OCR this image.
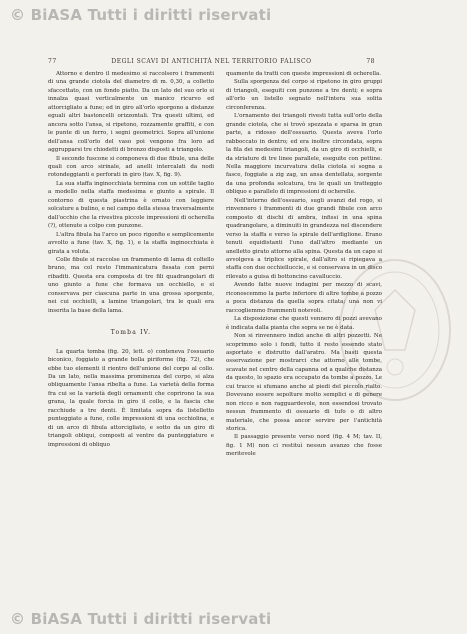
© BiASA Tutti i diritti riservati
77	DEGLI SCAVI DI ANTICHITÀ NEL TERRITORIO FALISCO	78

Attorno e dentro il medesimo si raccolsero i frammenti di una grande ciotola del diametro di m. 0,30, a colletto sfaccettato, con un fondo piatto. Da un lato del suo orlo si innalza quasi verticalmente un manico ricurvo ed attorcigliato a fune; ed in giro all'orlo sporgono a distanze eguali altri bastoncelli orizzontali. Tra questi ultimi, ed ancora sotto l'ansa, si ripetono, rozzamente graffiti, e con le punte di un ferro, i segni geometrici. Sopra all'unione dell'ansa coll'orlo del vaso poi vengono fra loro ad aggrupparsi tre chiodetti di bronzo disposti a triangolo.

Il secondo fuscone si componeva di due fibule, una delle quali con arco sirinale, ad anelli intercalati da nodi rotondeggianti e perforati in giro (tav. X, fig. 9).

La sua staffa inginocchiata termina con un sottile taglio a modello nella staffa medesima e giunto a spirale. Il contorno di questa piastrina è ornato con leggiere solcature a bulino, e nel campo della stessa traversalmente dall'occhio che la rivestiva piccole impressioni di ocherella (?), ottenute a colpo con punzone.

L'altra fibula ha l'arco un poco rigonfio e semplicemente avvolto a fune (tav. X, fig. 1), e la staffa inginocchiata è girata a voluta.

Colle fibule si raccolse un frammento di lama di coltello bruno, ma col resto l'immanicatura fissata con perni ribaditi. Questa era composta di tre fili quadrangolari di uno giunto a fune che formava un occhiello, e si conservava per ciascuna parte in una grossa sporgente, nei cui occhielli, a lamine triangolari, tra le quali era inserita la base della lama.

Tomba IV.

La quarta tomba (fig. 20, lett. o) conteneva l'ossuario biconico, foggiato a grande bolla piriforme (fig. 72), che ebbe tuo elementi il rientro dell'unione del corpo al collo. Da un lato, nella massima prominenza del corpo, si alza obliquamente l'ansa ribelta a fune. La varietà della forma fra cui se la varietà degli ornamenti che coprirono la sua grana, la quale forcia in giro il collo, e la fascia che racchiude a tre denti. È limitata sopra da listelletto punteggiato a fune, colle impressioni di una occhiolina, e di un arco di fibula attorcigliato, e sotto da un giro di triangoli obliqui, composti al ventre da punteggiature e impressioni di obliquo

quamente da tratti con queste impressioni di ocherella.

Sulla sporgenza del corpo si ripetono in giro gruppi di triangoli, eseguiti con punzone a tre denti; e sopra all'orlo un listello segnato nell'intera sua solita circonferenza.

L'ornamento dei triangoli rivesti tutta sull'orlo della grande ciotola, che si trovò spezzata e sparsa in gran parte, a ridosso dell'ossuario. Questa aveva l'orlo rabboccato in dentro; ed era inoltre circondata, sopra la fila dei medesimi triangoli, da un giro di occhielli, e da striature di tre linee parallele, eseguite con pettine. Nella maggiore incurvatura della ciotola si sogna a fasce, foggiate a zig zag, un ansa dentellata, sorgente da una profonda solcatura, tra le quali un tratteggio obliquo e parallelo di impressioni di ocherelle.

Nell'interno dell'ossuario, sugli avanzi del rogo, si rinvennero i frammenti di due grandi fibule con arco composto di dischi di ambra, infissi in una spina quadrangolare, a diminuiti in grandezza nel discendere verso la staffa e verso la spirale dell'ardiglione. Erano tenuti equidistanti l'uno dall'altro mediante un anelletto girato attorno alla spina. Questa da un capo si avvolgeva a triplice spirale, dall'altro si ripiegava a staffa con due occhielluccie, e si conservava in un disco rilevato a guisa di bottoncino cavalluccio.

Avendo fatte nuove indagini per mezzo di scavi, riconoscemmo la parte inferiore di altre tombe a pozzo a poca distanza da quella sopra citata; una non vi raccogliemmo frammenti notevoli.

La disposizione che questi vennero di pozzi avevano è indicata dalla pianta che sopra se ne è data.

Non si rinvennero indizi anche di altri pozzetti. Ne scoprimmo solo i fondi, tutto il resto essendo stato asportato e distrutto dall'aratro. Ma basti questa osservazione per mostrarci che attorno alle tombe, scavate nel centro della capanna od a qualche distanza da questo, lo spazio era occupato da tombe a pozzo. Le cui tracce si sfumano anche al piedi del piccolo rialto. Dovevano essere sepolture molto semplici e di genere non ricco e non ragguardevole, non essendosi trovato nessun frammento di ossuario di tufo o di altro materiale, che possa ancor servire per l'antichità storica.

Il passaggio presente verso nord (fig. 4 M; tav. II, fig. 1 M) non ci restituì nessun avanzo che fosse meritevole

© BiASA Tutti i diritti riservati
